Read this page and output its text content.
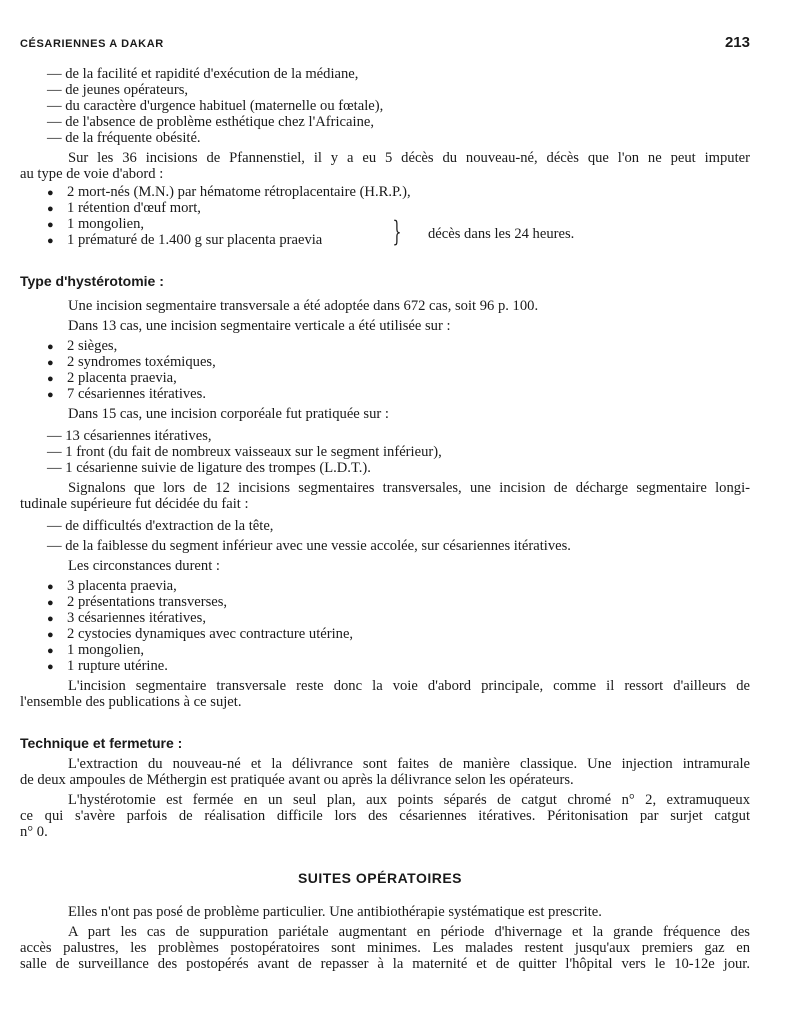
CÉSARIENNES A DAKAR	213
— de la facilité et rapidité d'exécution de la médiane,
— de jeunes opérateurs,
— du caractère d'urgence habituel (maternelle ou fœtale),
— de l'absence de problème esthétique chez l'Africaine,
— de la fréquente obésité.
Sur les 36 incisions de Pfannenstiel, il y a eu 5 décès du nouveau-né, décès que l'on ne peut imputer
au type de voie d'abord :
● 2 mort-nés (M.N.) par hématome rétroplacentaire (H.R.P.),
● 1 rétention d'œuf mort,
● 1 mongolien,
● 1 prématuré de 1.400 g sur placenta praevia	} décès dans les 24 heures.
Type d'hystérotomie :
Une incision segmentaire transversale a été adoptée dans 672 cas, soit 96 p. 100.
Dans 13 cas, une incision segmentaire verticale a été utilisée sur :
● 2 sièges,
● 2 syndromes toxémiques,
● 2 placenta praevia,
● 7 césariennes itératives.
Dans 15 cas, une incision corporéale fut pratiquée sur :
— 13 césariennes itératives,
— 1 front (du fait de nombreux vaisseaux sur le segment inférieur),
— 1 césarienne suivie de ligature des trompes (L.D.T.).
Signalons que lors de 12 incisions segmentaires transversales, une incision de décharge segmentaire longi-
tudinale supérieure fut décidée du fait :
— de difficultés d'extraction de la tête,
— de la faiblesse du segment inférieur avec une vessie accolée, sur césariennes itératives.
Les circonstances durent :
● 3 placenta praevia,
● 2 présentations transverses,
● 3 césariennes itératives,
● 2 cystocies dynamiques avec contracture utérine,
● 1 mongolien,
● 1 rupture utérine.
L'incision segmentaire transversale reste donc la voie d'abord principale, comme il ressort d'ailleurs de
l'ensemble des publications à ce sujet.
Technique et fermeture :
L'extraction du nouveau-né et la délivrance sont faites de manière classique. Une injection intramurale
de deux ampoules de Méthergin est pratiquée avant ou après la délivrance selon les opérateurs.
L'hystérotomie est fermée en un seul plan, aux points séparés de catgut chromé n° 2, extramuqueux
ce qui s'avère parfois de réalisation difficile lors des césariennes itératives. Péritonisation par surjet catgut
n° 0.
SUITES OPÉRATOIRES
Elles n'ont pas posé de problème particulier. Une antibiothérapie systématique est prescrite.
A part les cas de suppuration pariétale augmentant en période d'hivernage et la grande fréquence des
accès palustres, les problèmes postopératoires sont minimes. Les malades restent jusqu'aux premiers gaz en
salle de surveillance des postopérés avant de repasser à la maternité et de quitter l'hôpital vers le 10-12e jour.
